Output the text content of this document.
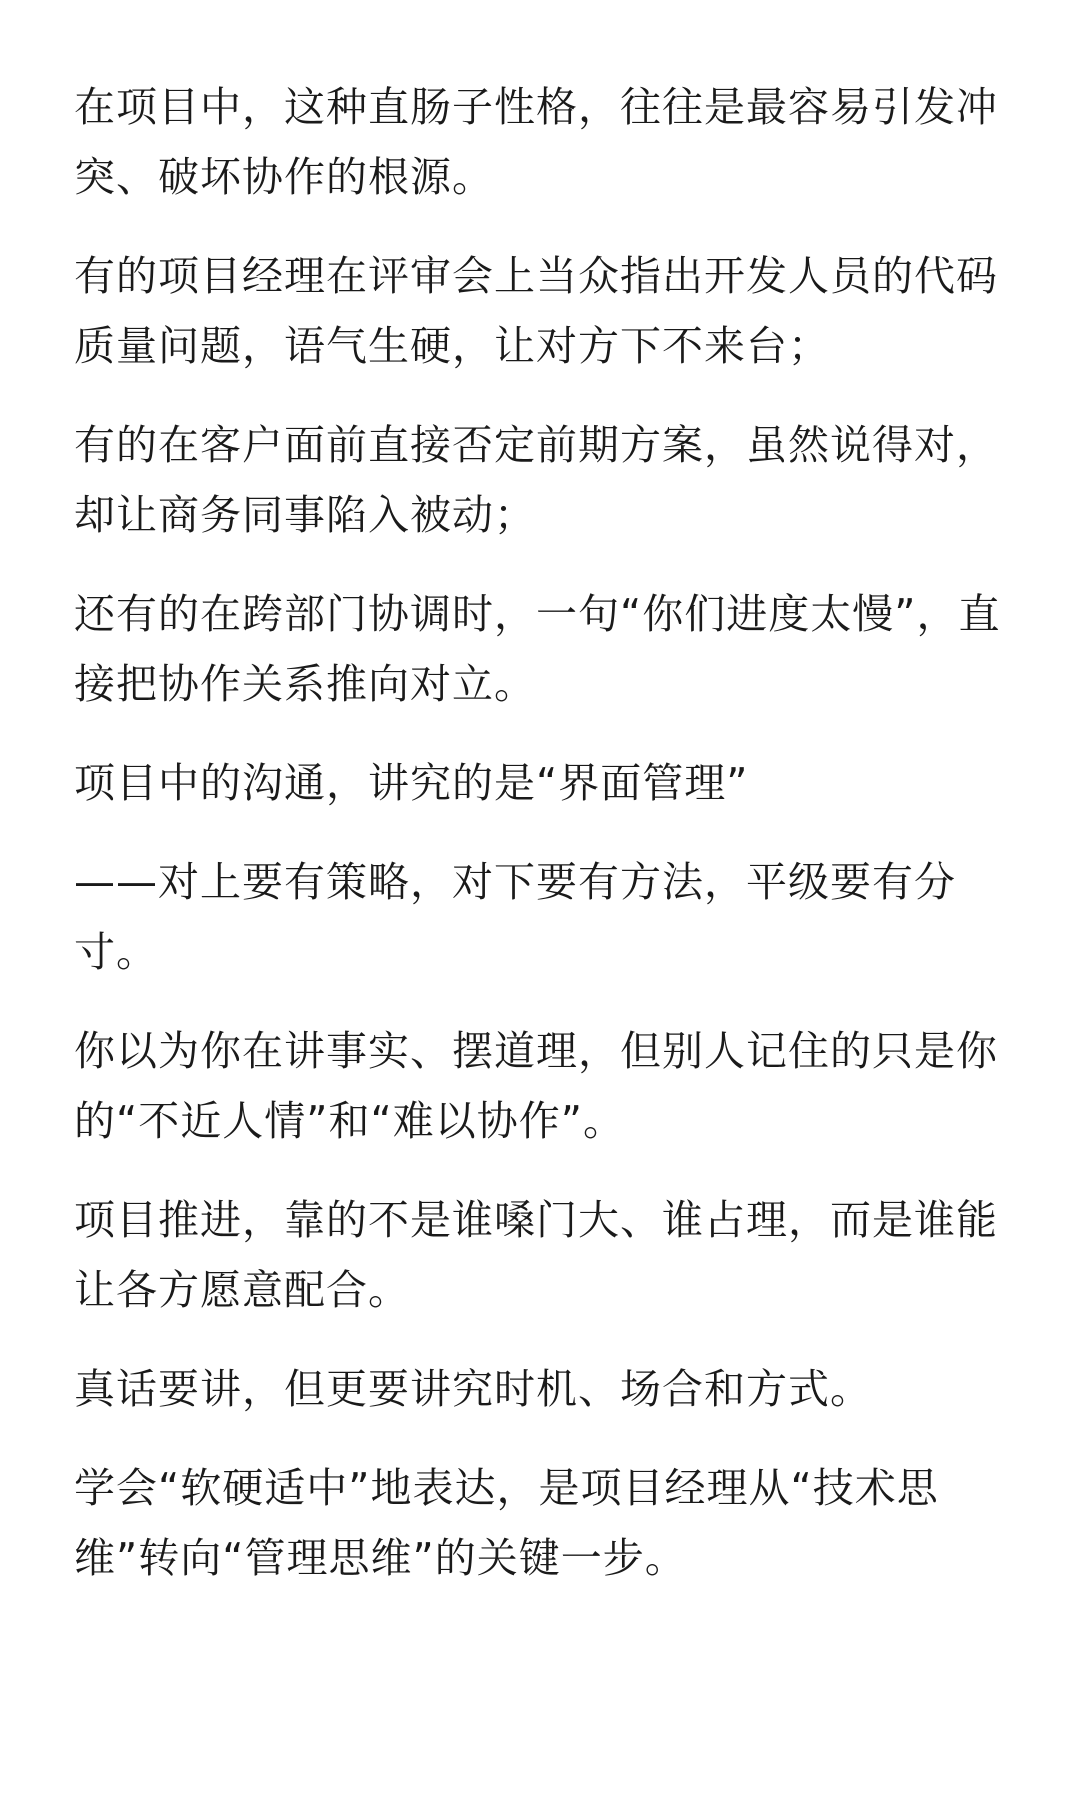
在项目中，这种直肠子性格，往往是最容易引发冲突、破坏协作的根源。

有的项目经理在评审会上当众指出开发人员的代码质量问题，语气生硬，让对方下不来台；

有的在客户面前直接否定前期方案，虽然说得对，却让商务同事陷入被动；

还有的在跨部门协调时，一句“你们进度太慢”，直接把协作关系推向对立。

项目中的沟通，讲究的是“界面管理”

——对上要有策略，对下要有方法，平级要有分寸。

你以为你在讲事实、摆道理，但别人记住的只是你的“不近人情”和“难以协作”。

项目推进，靠的不是谁嗓门大、谁占理，而是谁能让各方愿意配合。

真话要讲，但更要讲究时机、场合和方式。

学会“软硬适中”地表达，是项目经理从“技术思维”转向“管理思维”的关键一步。
